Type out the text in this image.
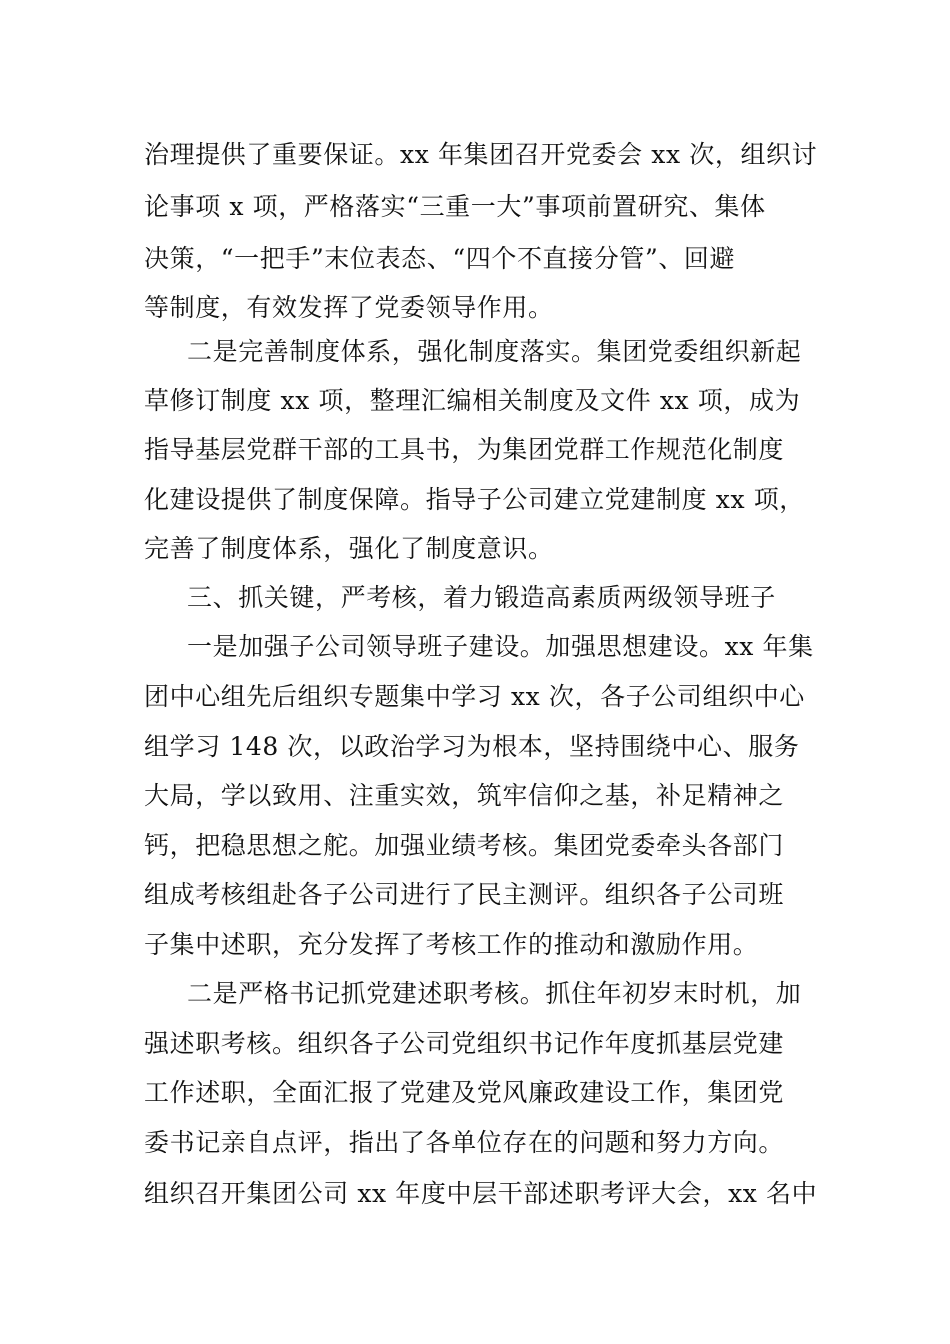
治理提供了重要保证。xx 年集团召开党委会 xx 次，组织讨
论事项 x 项，严格落实“三重一大”事项前置研究、集体
决策，“一把手”末位表态、“四个不直接分管”、回避
等制度，有效发挥了党委领导作用。
二是完善制度体系，强化制度落实。集团党委组织新起
草修订制度 xx 项，整理汇编相关制度及文件 xx 项，成为
指导基层党群干部的工具书，为集团党群工作规范化制度
化建设提供了制度保障。指导子公司建立党建制度 xx 项，
完善了制度体系，强化了制度意识。
三、抓关键，严考核，着力锻造高素质两级领导班子
一是加强子公司领导班子建设。加强思想建设。xx 年集
团中心组先后组织专题集中学习 xx 次，各子公司组织中心
组学习 148 次，以政治学习为根本，坚持围绕中心、服务
大局，学以致用、注重实效，筑牢信仰之基，补足精神之
钙，把稳思想之舵。加强业绩考核。集团党委牵头各部门
组成考核组赴各子公司进行了民主测评。组织各子公司班
子集中述职，充分发挥了考核工作的推动和激励作用。
二是严格书记抓党建述职考核。抓住年初岁末时机，加
强述职考核。组织各子公司党组织书记作年度抓基层党建
工作述职，全面汇报了党建及党风廉政建设工作，集团党
委书记亲自点评，指出了各单位存在的问题和努力方向。
组织召开集团公司 xx 年度中层干部述职考评大会，xx 名中
